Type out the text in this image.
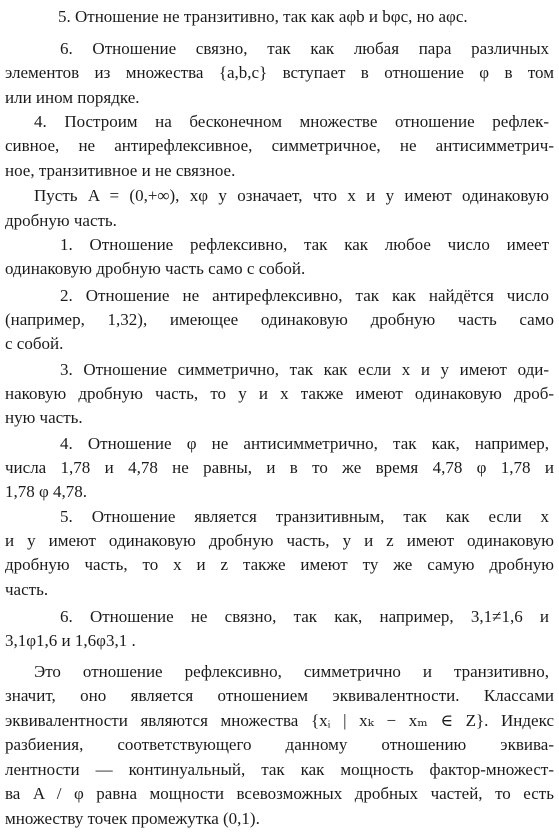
5. Отношение не транзитивно, так как aφb и bφc, но aφc.
6. Отношение связно, так как любая пара различных
элементов из множества {a,b,c} вступает в отношение φ в том
или ином порядке.
4. Построим на бесконечном множестве отношение рефлек-
сивное, не антирефлексивное, симметричное, не антисимметрич-
ное, транзитивное и не связное.
Пусть A = (0,+∞), xφ y означает, что x и y имеют одинаковую
дробную часть.
1. Отношение рефлексивно, так как любое число имеет
одинаковую дробную часть само с собой.
2. Отношение не антирефлексивно, так как найдётся число
(например, 1,32), имеющее одинаковую дробную часть само
с собой.
3. Отношение симметрично, так как если x и y имеют оди-
наковую дробную часть, то y и x также имеют одинаковую дроб-
ную часть.
4. Отношение φ не антисимметрично, так как, например,
числа 1,78 и 4,78 не равны, и в то же время 4,78 φ 1,78 и
1,78 φ 4,78.
5. Отношение является транзитивным, так как если x
и y имеют одинаковую дробную часть, y и z имеют одинаковую
дробную часть, то x и z также имеют ту же самую дробную
часть.
6. Отношение не связно, так как, например, 3,1≠1,6 и
3,1φ1,6 и 1,6φ3,1 .
Это отношение рефлексивно, симметрично и транзитивно,
значит, оно является отношением эквивалентности. Классами
эквивалентности являются множества {xᵢ | xₖ − xₘ ∈ Z}. Индекс
разбиения, соответствующего данному отношению эквива-
лентности — континуальный, так как мощность фактор-множест-
ва A / φ равна мощности всевозможных дробных частей, то есть
множеству точек промежутка (0,1).
